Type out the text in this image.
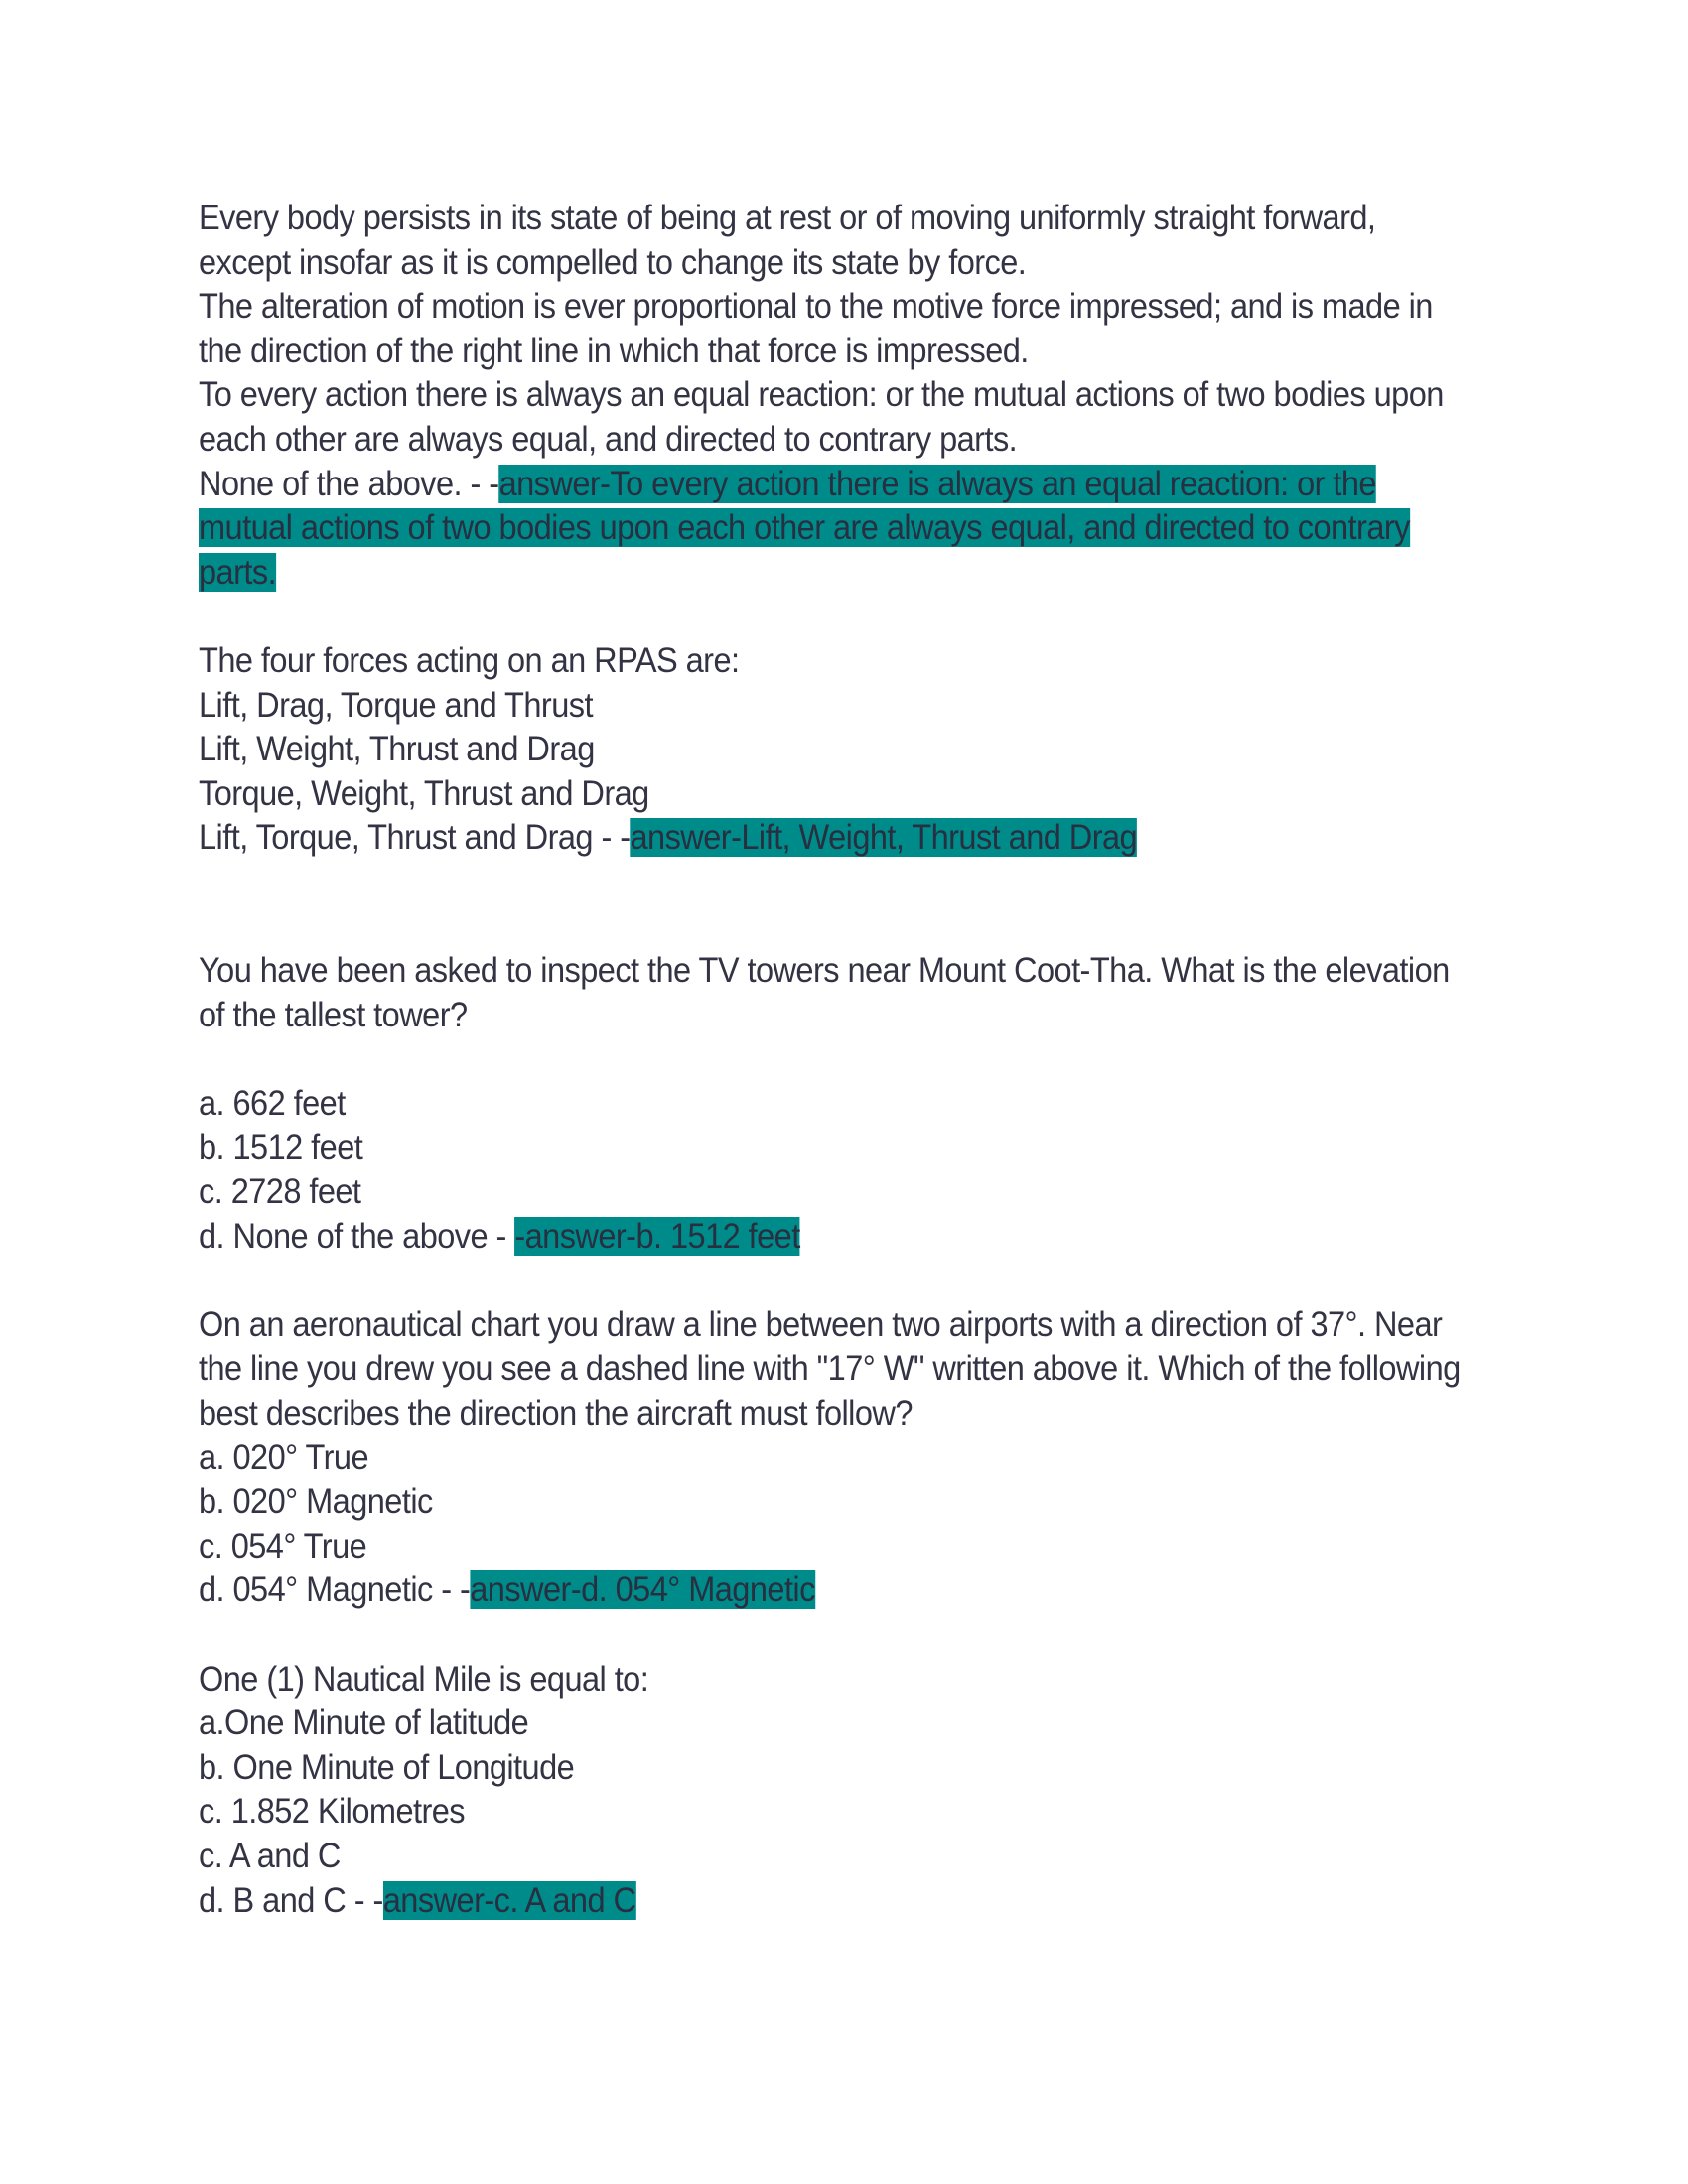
Every body persists in its state of being at rest or of moving uniformly straight forward,
except insofar as it is compelled to change its state by force.
The alteration of motion is ever proportional to the motive force impressed; and is made in
the direction of the right line in which that force is impressed.
To every action there is always an equal reaction: or the mutual actions of two bodies upon
each other are always equal, and directed to contrary parts.
None of the above. - -answer-To every action there is always an equal reaction: or the
mutual actions of two bodies upon each other are always equal, and directed to contrary
parts.
The four forces acting on an RPAS are:
Lift, Drag, Torque and Thrust
Lift, Weight, Thrust and Drag
Torque, Weight, Thrust and Drag
Lift, Torque, Thrust and Drag - -answer-Lift, Weight, Thrust and Drag
You have been asked to inspect the TV towers near Mount Coot-Tha. What is the elevation
of the tallest tower?
a. 662 feet
b. 1512 feet
c. 2728 feet
d. None of the above - -answer-b. 1512 feet
On an aeronautical chart you draw a line between two airports with a direction of 37°. Near
the line you drew you see a dashed line with "17° W" written above it. Which of the following
best describes the direction the aircraft must follow?
a. 020° True
b. 020° Magnetic
c. 054° True
d. 054° Magnetic - -answer-d. 054° Magnetic
One (1) Nautical Mile is equal to:
a.One Minute of latitude
b. One Minute of Longitude
c. 1.852 Kilometres
c. A and C
d. B and C - -answer-c. A and C
